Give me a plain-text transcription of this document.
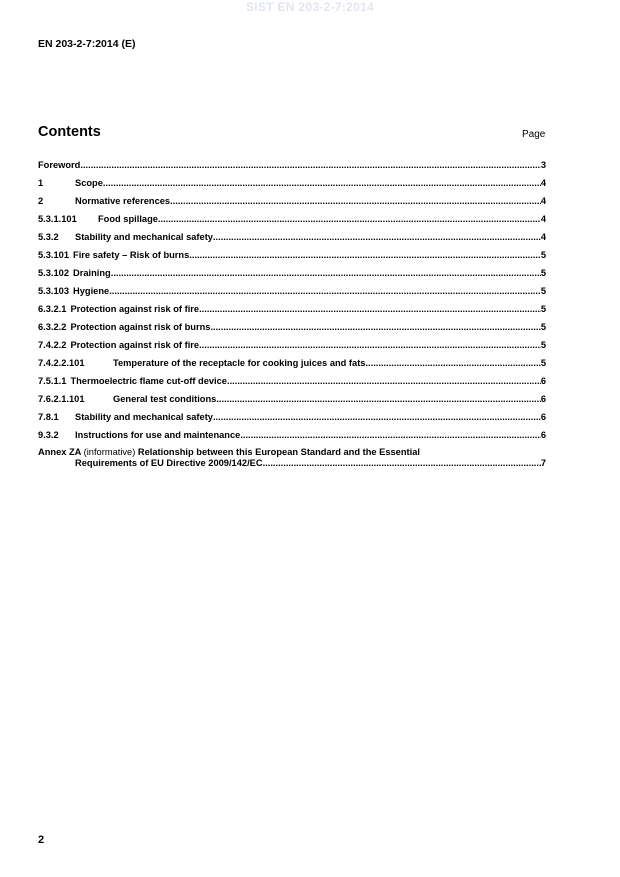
SIST EN 203-2-7:2014
EN 203-2-7:2014 (E)
Contents	Page
Foreword .....	3
1	Scope .....	4
2	Normative references .....	4
5.3.1.101	Food spillage .....	4
5.3.2	Stability and mechanical safety .....	4
5.3.101 Fire safety – Risk of burns .....	5
5.3.102 Draining .....	5
5.3.103 Hygiene .....	5
6.3.2.1 Protection against risk of fire .....	5
6.3.2.2 Protection against risk of burns .....	5
7.4.2.2 Protection against risk of fire .....	5
7.4.2.2.101	Temperature of the receptacle for cooking juices and fats .....	5
7.5.1.1 Thermoelectric flame cut-off device .....	6
7.6.2.1.101	General test conditions .....	6
7.8.1	Stability and mechanical safety .....	6
9.3.2	Instructions for use and maintenance .....	6
Annex ZA (informative) Relationship between this European Standard and the Essential
Requirements of EU Directive 2009/142/EC .....	7
2
